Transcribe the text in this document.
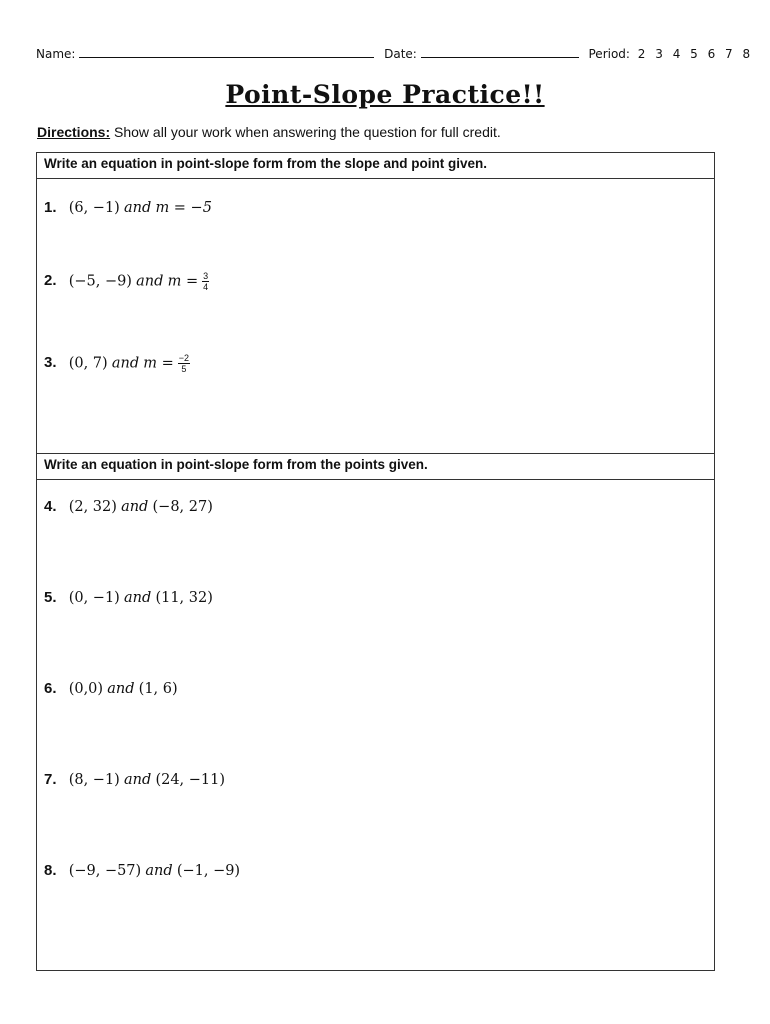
Name:	Date:	Period: 2 3 4 5 6 7 8
Point-Slope Practice!!
Directions: Show all your work when answering the question for full credit.
Write an equation in point-slope form from the slope and point given.
1. (6, −1) and m = −5
2. (−5, −9) and $m = \frac{3}{4}$
3. (0, 7) and $m = \frac{-2}{5}$
Write an equation in point-slope form from the points given.
4. (2, 32) and (−8, 27)
5. (0, −1) and (11, 32)
6. (0,0) and (1, 6)
7. (8, −1) and (24, −11)
8. (−9, −57) and (−1, −9)
